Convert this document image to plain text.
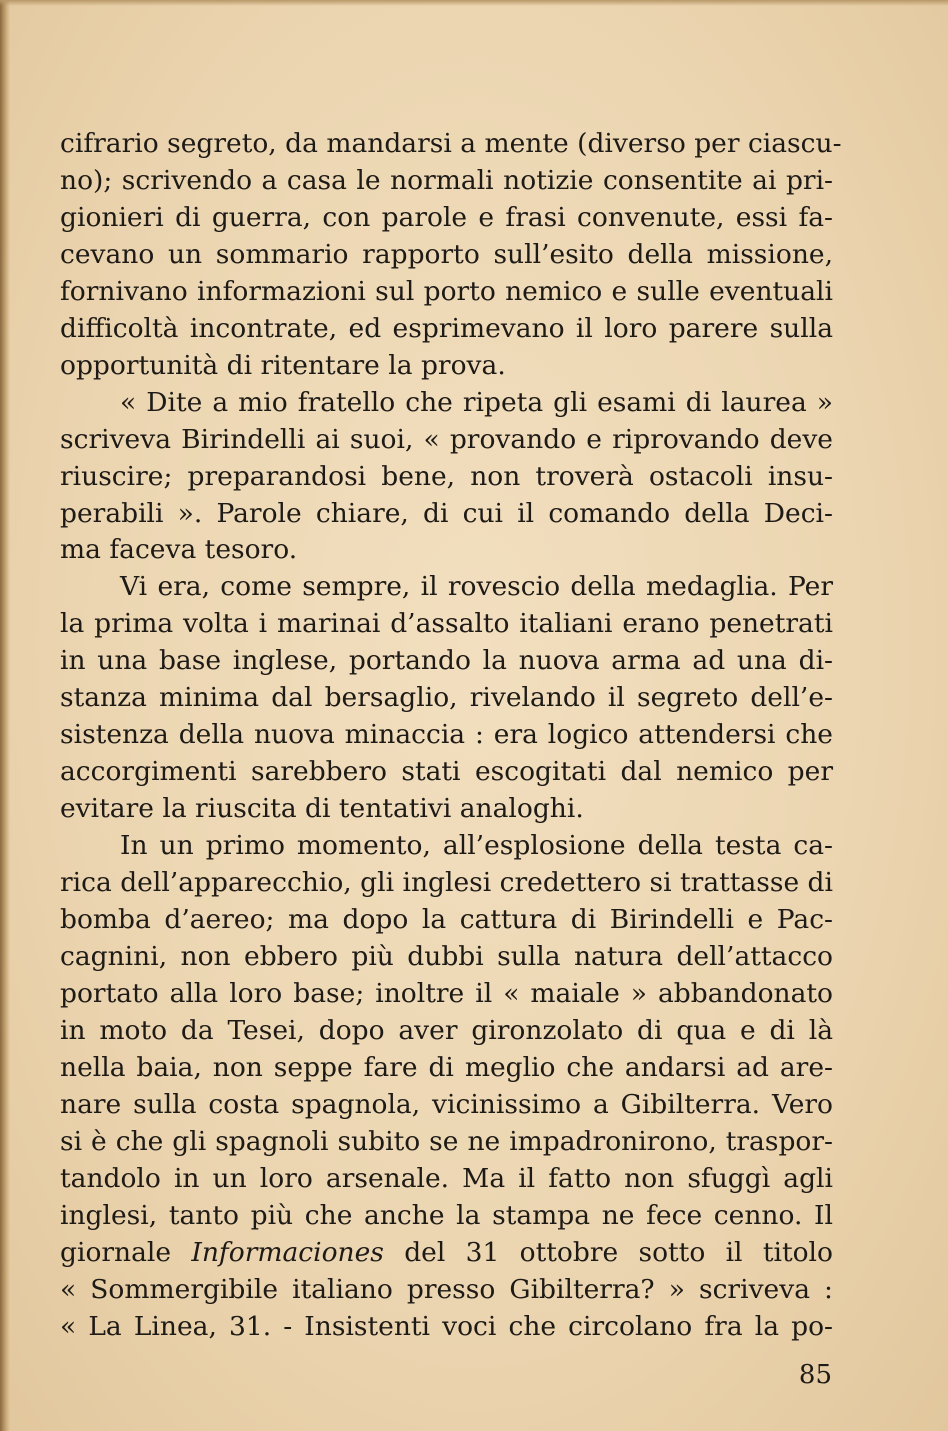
cifrario segreto, da mandarsi a mente (diverso per ciascu-
no); scrivendo a casa le normali notizie consentite ai pri-
gionieri di guerra, con parole e frasi convenute, essi fa-
cevano un sommario rapporto sull’esito della missione,
fornivano informazioni sul porto nemico e sulle eventuali
difficoltà incontrate, ed esprimevano il loro parere sulla
opportunità di ritentare la prova.
« Dite a mio fratello che ripeta gli esami di laurea »
scriveva Birindelli ai suoi, « provando e riprovando deve
riuscire; preparandosi bene, non troverà ostacoli insu-
perabili ». Parole chiare, di cui il comando della Deci-
ma faceva tesoro.
Vi era, come sempre, il rovescio della medaglia. Per
la prima volta i marinai d’assalto italiani erano penetrati
in una base inglese, portando la nuova arma ad una di-
stanza minima dal bersaglio, rivelando il segreto dell’e-
sistenza della nuova minaccia : era logico attendersi che
accorgimenti sarebbero stati escogitati dal nemico per
evitare la riuscita di tentativi analoghi.
In un primo momento, all’esplosione della testa ca-
rica dell’apparecchio, gli inglesi credettero si trattasse di
bomba d’aereo; ma dopo la cattura di Birindelli e Pac-
cagnini, non ebbero più dubbi sulla natura dell’attacco
portato alla loro base; inoltre il « maiale » abbandonato
in moto da Tesei, dopo aver gironzolato di qua e di là
nella baia, non seppe fare di meglio che andarsi ad are-
nare sulla costa spagnola, vicinissimo a Gibilterra. Vero
si è che gli spagnoli subito se ne impadronirono, traspor-
tandolo in un loro arsenale. Ma il fatto non sfuggì agli
inglesi, tanto più che anche la stampa ne fece cenno. Il
giornale Informaciones del 31 ottobre sotto il titolo
« Sommergibile italiano presso Gibilterra? » scriveva :
« La Linea, 31. - Insistenti voci che circolano fra la po-
85
